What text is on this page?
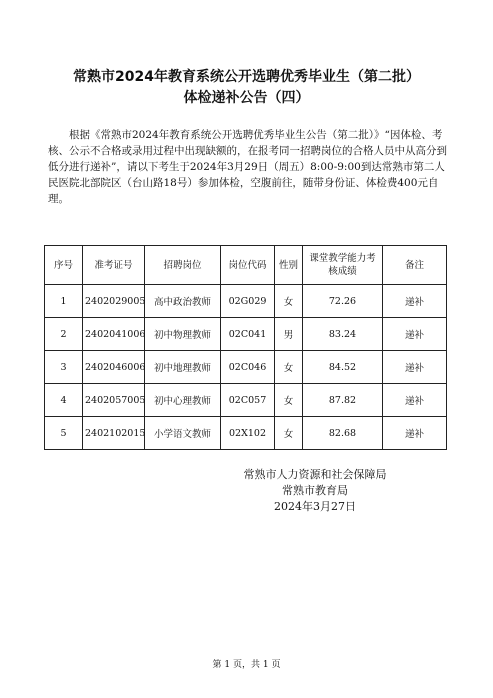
常熟市2024年教育系统公开选聘优秀毕业生（第二批）
体检递补公告（四）

根据《常熟市2024年教育系统公开选聘优秀毕业生公告（第二批）》“因体检、考核、公示不合格或录用过程中出现缺额的，在报考同一招聘岗位的合格人员中从高分到低分进行递补”，请以下考生于2024年3月29日（周五）8:00-9:00到达常熟市第二人民医院北部院区（台山路18号）参加体检，空腹前往，随带身份证、体检费400元自理。

序号	准考证号	招聘岗位	岗位代码	性别	课堂教学能力考核成绩	备注
1	2402029005	高中政治教师	02G029	女	72.26	递补
2	2402041006	初中物理教师	02C041	男	83.24	递补
3	2402046006	初中地理教师	02C046	女	84.52	递补
4	2402057005	初中心理教师	02C057	女	87.82	递补
5	2402102015	小学语文教师	02X102	女	82.68	递补
常熟市人力资源和社会保障局
常熟市教育局
2024年3月27日
第 1 页，共 1 页
